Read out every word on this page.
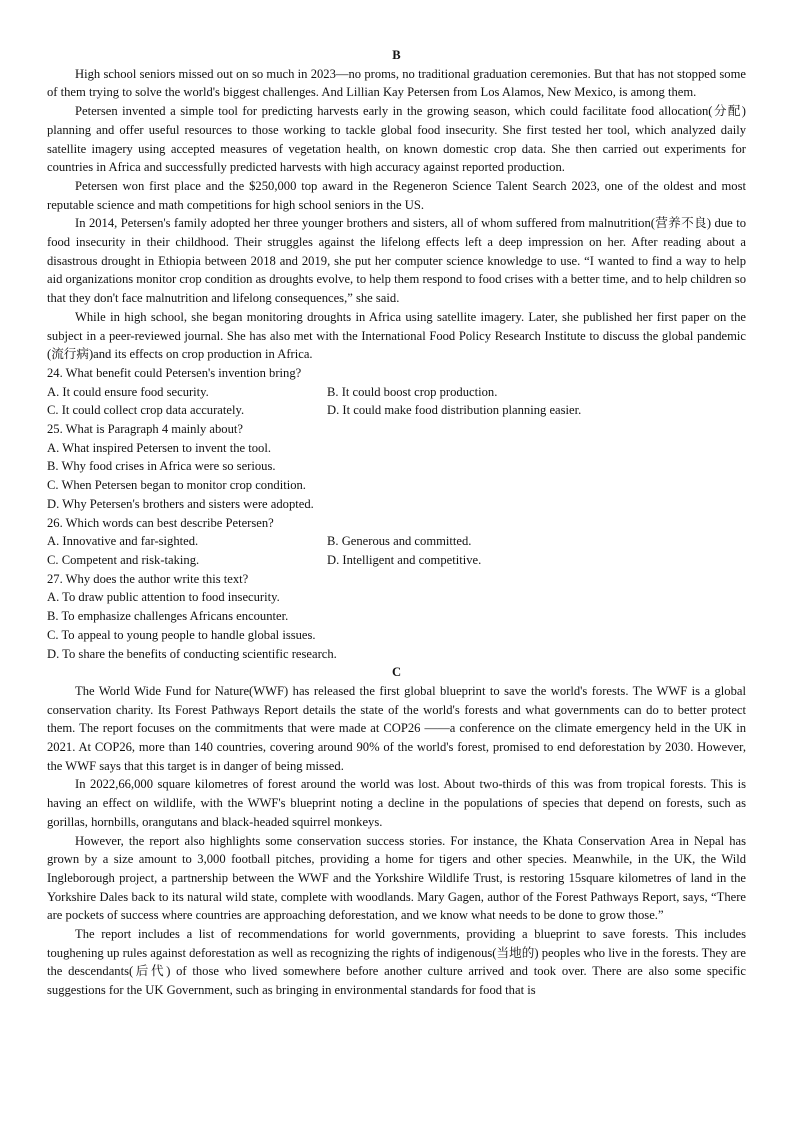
B

High school seniors missed out on so much in 2023—no proms, no traditional graduation ceremonies. But that has not stopped some of them trying to solve the world's biggest challenges. And Lillian Kay Petersen from Los Alamos, New Mexico, is among them.

Petersen invented a simple tool for predicting harvests early in the growing season, which could facilitate food allocation(分配) planning and offer useful resources to those working to tackle global food insecurity. She first tested her tool, which analyzed daily satellite imagery using accepted measures of vegetation health, on known domestic crop data. She then carried out experiments for countries in Africa and successfully predicted harvests with high accuracy against reported production.

Petersen won first place and the $250,000 top award in the Regeneron Science Talent Search 2023, one of the oldest and most reputable science and math competitions for high school seniors in the US.

In 2014, Petersen's family adopted her three younger brothers and sisters, all of whom suffered from malnutrition(营养不良) due to food insecurity in their childhood. Their struggles against the lifelong effects left a deep impression on her. After reading about a disastrous drought in Ethiopia between 2018 and 2019, she put her computer science knowledge to use. “I wanted to find a way to help aid organizations monitor crop condition as droughts evolve, to help them respond to food crises with a better time, and to help children so that they don't face malnutrition and lifelong consequences,” she said.

While in high school, she began monitoring droughts in Africa using satellite imagery. Later, she published her first paper on the subject in a peer-reviewed journal. She has also met with the International Food Policy Research Institute to discuss the global pandemic (流行病)and its effects on crop production in Africa.

24. What benefit could Petersen's invention bring?

A. It could ensure food security.	B. It could boost crop production.
C. It could collect crop data accurately.	D. It could make food distribution planning easier.

25. What is Paragraph 4 mainly about?

A. What inspired Petersen to invent the tool.

B. Why food crises in Africa were so serious.

C. When Petersen began to monitor crop condition.

D. Why Petersen's brothers and sisters were adopted.

26. Which words can best describe Petersen?

A. Innovative and far-sighted.	B. Generous and committed.
C. Competent and risk-taking.	D. Intelligent and competitive.

27. Why does the author write this text?

A. To draw public attention to food insecurity.

B. To emphasize challenges Africans encounter.

C. To appeal to young people to handle global issues.

D. To share the benefits of conducting scientific research.

C

The World Wide Fund for Nature(WWF) has released the first global blueprint to save the world's forests. The WWF is a global conservation charity. Its Forest Pathways Report details the state of the world's forests and what governments can do to better protect them. The report focuses on the commitments that were made at COP26 ——a conference on the climate emergency held in the UK in 2021. At COP26, more than 140 countries, covering around 90% of the world's forest, promised to end deforestation by 2030. However, the WWF says that this target is in danger of being missed.

In 2022,66,000 square kilometres of forest around the world was lost. About two-thirds of this was from tropical forests. This is having an effect on wildlife, with the WWF's blueprint noting a decline in the populations of species that depend on forests, such as gorillas, hornbills, orangutans and black-headed squirrel monkeys.

However, the report also highlights some conservation success stories. For instance, the Khata Conservation Area in Nepal has grown by a size amount to 3,000 football pitches, providing a home for tigers and other species. Meanwhile, in the UK, the Wild Ingleborough project, a partnership between the WWF and the Yorkshire Wildlife Trust, is restoring 15square kilometres of land in the Yorkshire Dales back to its natural wild state, complete with woodlands. Mary Gagen, author of the Forest Pathways Report, says, “There are pockets of success where countries are approaching deforestation, and we know what needs to be done to grow those.”

The report includes a list of recommendations for world governments, providing a blueprint to save forests. This includes toughening up rules against deforestation as well as recognizing the rights of indigenous(当地的) peoples who live in the forests. They are the descendants(后代) of those who lived somewhere before another culture arrived and took over. There are also some specific suggestions for the UK Government, such as bringing in environmental standards for food that is
